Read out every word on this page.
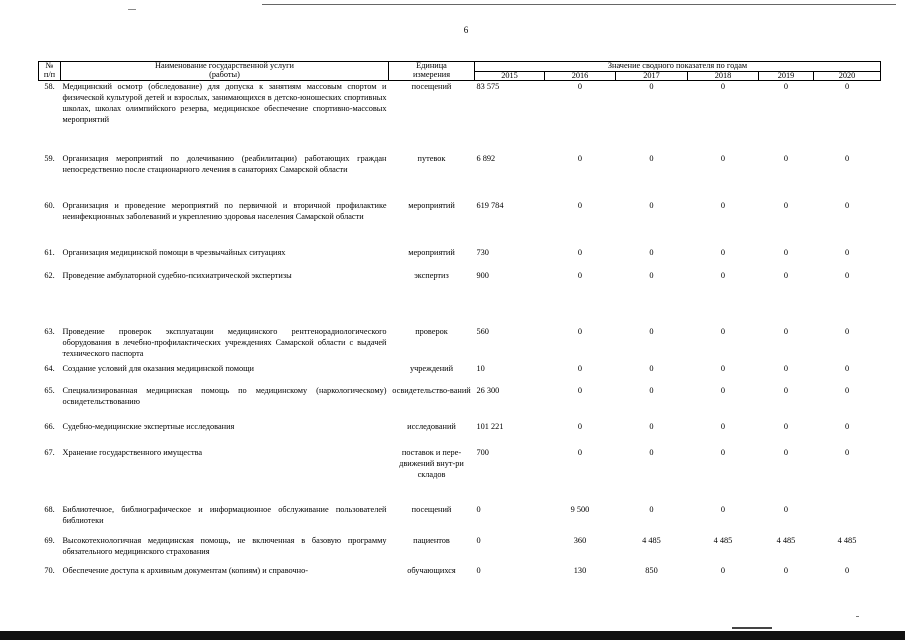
6
№	Наименование государственной услуги	Единица	Значение сводного показателя по годам					
п/п	(работы)	измерения	2015	2016	2017	2018	2019	2020
58.	Медицинский осмотр (обследование) для допуска к занятиям массовым спортом и физической культурой детей и взрослых, занимающихся в детско-юношеских спортивных школах, школах олимпийского резерва, медицинское обеспечение спортивно-массовых мероприятий	посещений	83 575	0	0	0	0	0
59.	Организация мероприятий по долечиванию (реабилитации) работающих граждан непосредственно после стационарного лечения в санаториях Самарской области	путевок	6 892	0	0	0	0	0
60.	Организация и проведение мероприятий по первичной и вторичной профилактике неинфекционных заболеваний и укреплению здоровья населения Самарской области	мероприятий	619 784	0	0	0	0	0
61.	Организация медицинской помощи в чрезвычайных ситуациях	мероприятий	730	0	0	0	0	0
62.	Проведение амбулаторной судебно-психиатрической экспертизы	экспертиз	900	0	0	0	0	0
63.	Проведение проверок эксплуатации медицинского рентгенорадиологического оборудования в лечебно-профилактических учреждениях Самарской области с выдачей технического паспорта	проверок	560	0	0	0	0	0
64.	Создание условий для оказания медицинской помощи	учреждений	10	0	0	0	0	0
65.	Специализированная медицинская помощь по медицинскому (наркологическому) освидетельствованию	освидетельство-ваний	26 300	0	0	0	0	0
66.	Судебно-медицинские экспертные исследования	исследований	101 221	0	0	0	0	0
67.	Хранение государственного имущества	поставок и пере-движений внут-ри складов	700	0	0	0	0	0
68.	Библиотечное, библиографическое и информационное обслуживание пользователей библиотеки	посещений	0	9 500	0	0	0	
69.	Высокотехнологичная медицинская помощь, не включенная в базовую программу обязательного медицинского страхования	пациентов	0	360	4 485	4 485	4 485	4 485
70.	Обеспечение доступа к архивным документам (копиям) и справочно-	обучающихся	0	130	850	0	0	0
